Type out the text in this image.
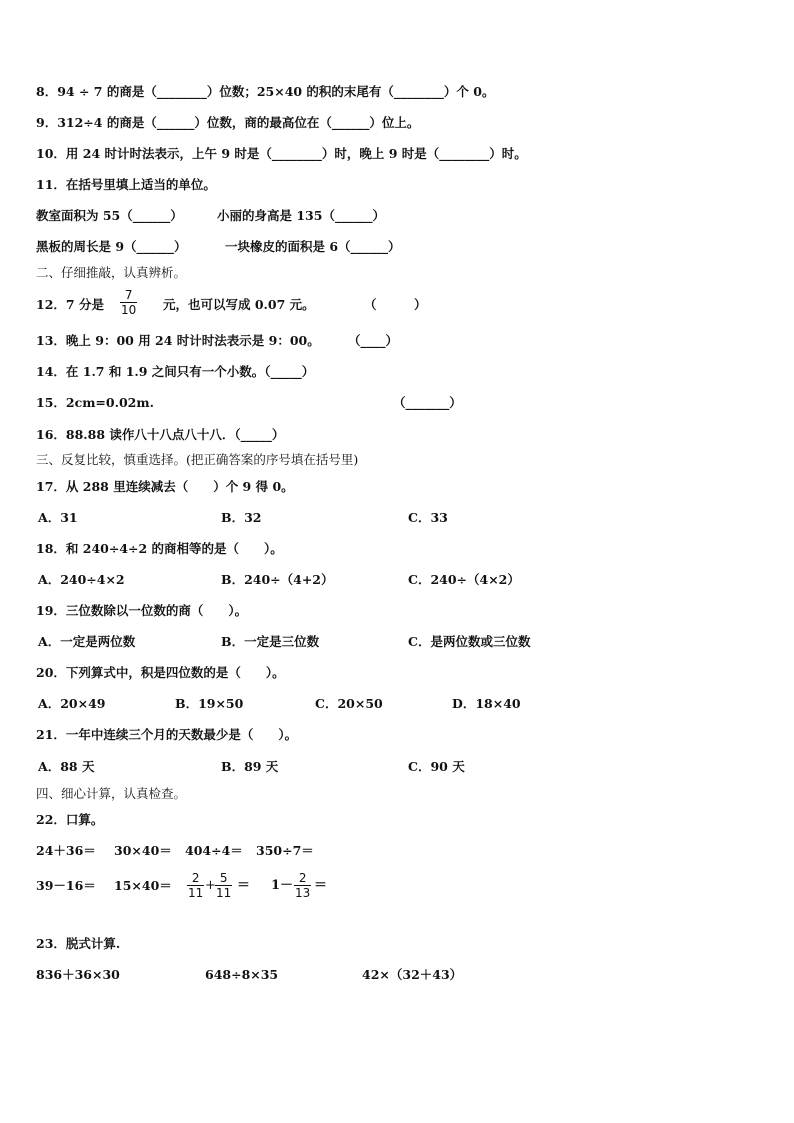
8．94 ÷ 7 的商是（________）位数；25×40 的积的末尾有（________）个 0。
9．312÷4 的商是（______）位数，商的最高位在（______）位上。
10．用 24 时计时法表示，上午 9 时是（________）时，晚上 9 时是（________）时。
11．在括号里填上适当的单位。
教室面积为 55（______）	小丽的身高是 135（______）
黑板的周长是 9（______）	一块橡皮的面积是 6（______）
二、仔细推敲，认真辨析。
12．7 分是 $\frac{7}{10}$ 元，也可以写成 0.07 元。	（　　　）
13．晚上 9：00 用 24 时计时法表示是 9：00。 （____）
14．在 1.7 和 1.9 之间只有一个小数。（_____）
15．2cm=0.02m.	（_______）
16．88.88 读作八十八点八十八．（_____）
三、反复比较，慎重选择。(把正确答案的序号填在括号里)
17．从 288 里连续减去（　　）个 9 得 0。
A．31	B．32	C．33
18．和 240÷4÷2 的商相等的是（　　）。
A．240÷4×2	B．240÷（4+2）	C．240÷（4×2）
19．三位数除以一位数的商（　　）。
A．一定是两位数	B．一定是三位数	C．是两位数或三位数
20．下列算式中，积是四位数的是（　　）。
A．20×49	B．19×50	C．20×50	D．18×40
21．一年中连续三个月的天数最少是（　　）。
A．88 天	B．89 天	C．90 天
四、细心计算，认真检查。
22．口算。
24＋36＝ 30×40＝ 404÷4＝ 350÷7＝
$39-16= 15\times 40= \frac{2}{11} + \frac{5}{11} = 1- \frac{2}{13}$ ＝
23．脱式计算.
836＋36×30	648÷8×35	42×（32＋43）
